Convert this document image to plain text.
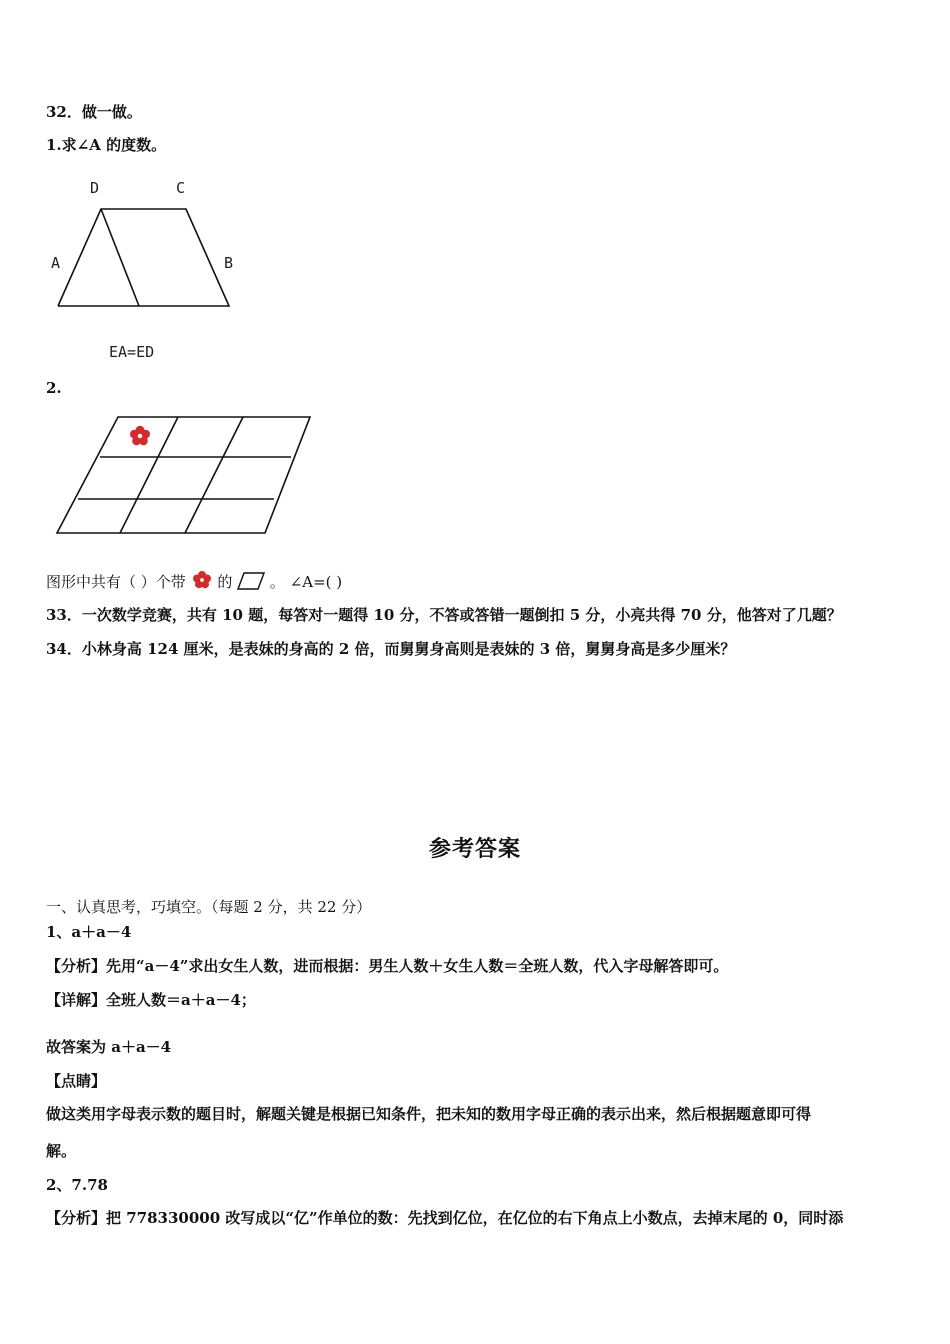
32．做一做。
1.求∠A 的度数。
D	C
A	B
EA=ED
2.
图形中共有（ ）个带 的	。 ∠A=( )
33．一次数学竞赛，共有 10 题，每答对一题得 10 分，不答或答错一题倒扣 5 分，小亮共得 70 分，他答对了几题？
34．小林身高 124 厘米，是表妹的身高的 2 倍，而舅舅身高则是表妹的 3 倍，舅舅身高是多少厘米？
参考答案
一、认真思考，巧填空。（每题 2 分，共 22 分）
1、a＋a－4
【分析】先用“a－4”求出女生人数，进而根据：男生人数＋女生人数＝全班人数，代入字母解答即可。
【详解】全班人数＝a＋a－4；
故答案为 a＋a－4
【点睛】
做这类用字母表示数的题目时，解题关键是根据已知条件，把未知的数用字母正确的表示出来，然后根据题意即可得
解。
2、7.78
【分析】把 778330000 改写成以“亿”作单位的数：先找到亿位，在亿位的右下角点上小数点，去掉末尾的 0，同时添
